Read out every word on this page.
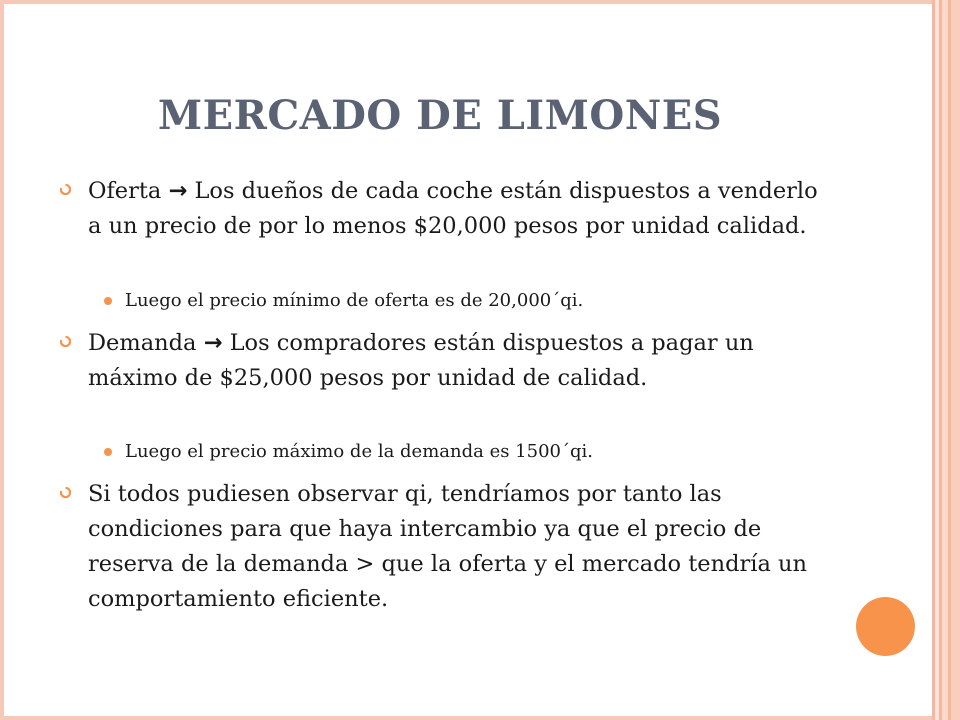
MERCADO DE LIMONES
Oferta → Los dueños de cada coche están dispuestos a venderlo a un precio de por lo menos $20,000 pesos por unidad calidad.
Luego el precio mínimo de oferta es de 20,000´qi.
Demanda → Los compradores están dispuestos a pagar un máximo de $25,000 pesos por unidad de calidad.
Luego el precio máximo de la demanda es 1500´qi.
Si todos pudiesen observar qi, tendríamos por tanto las condiciones para que haya intercambio ya que el precio de reserva de la demanda > que la oferta y el mercado tendría un comportamiento eficiente.
